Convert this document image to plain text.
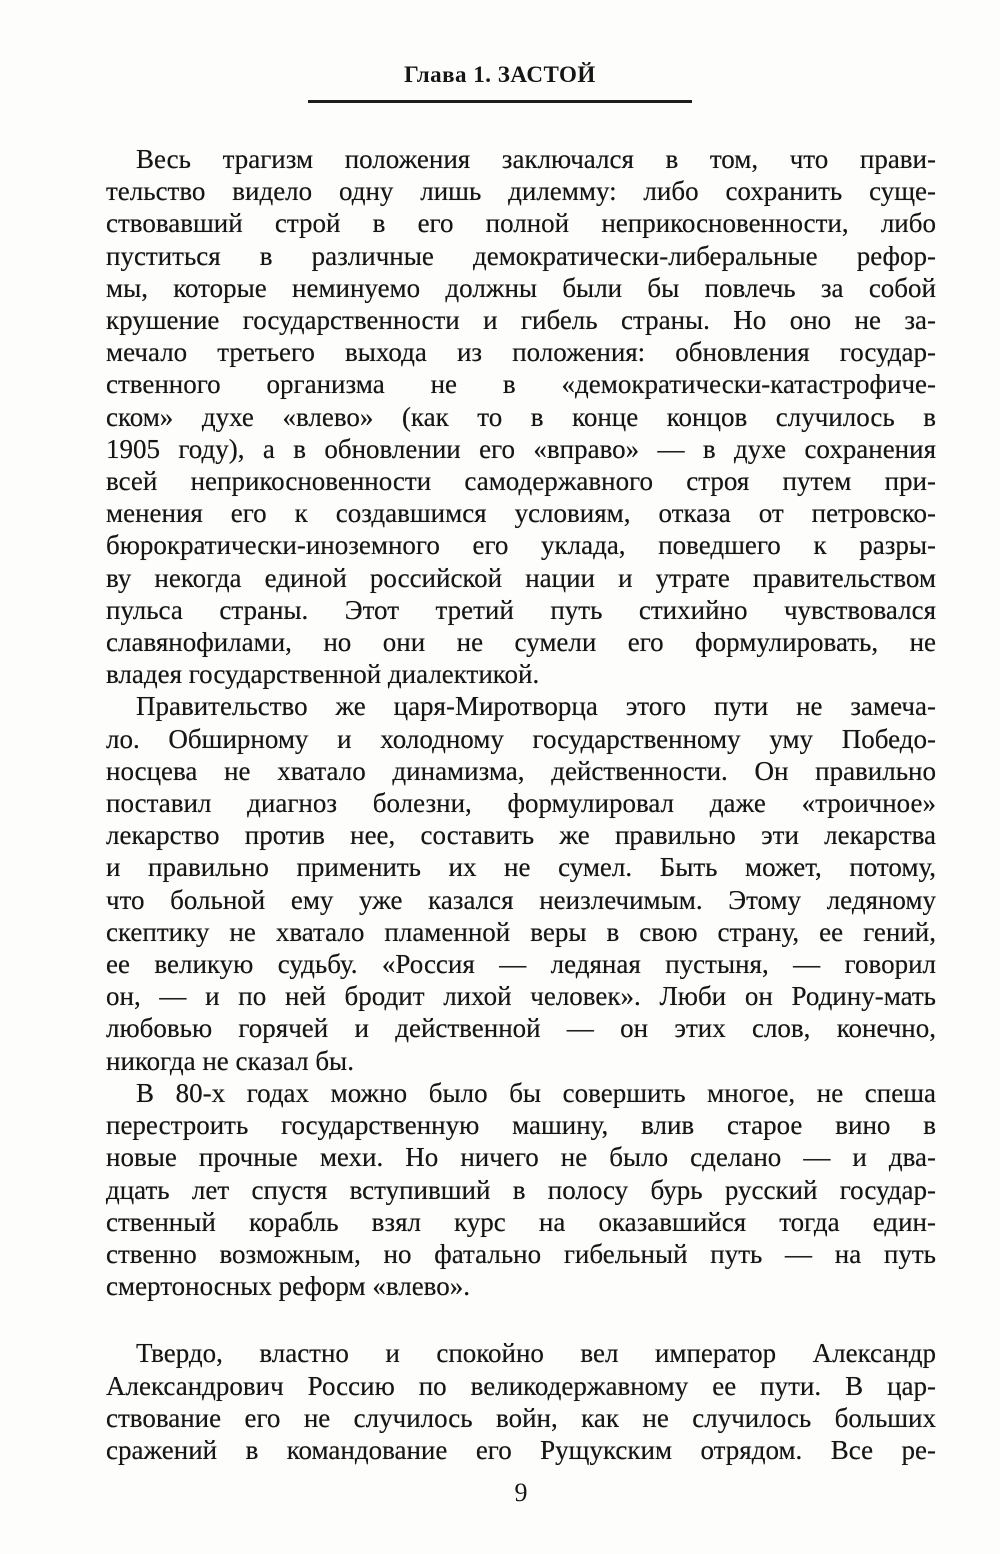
Глава 1. ЗАСТОЙ
Весь трагизм положения заключался в том, что прави-
тельство видело одну лишь дилемму: либо сохранить суще-
ствовавший строй в его полной неприкосновенности, либо
пуститься в различные демократически-либеральные рефор-
мы, которые неминуемо должны были бы повлечь за собой
крушение государственности и гибель страны. Но оно не за-
мечало третьего выхода из положения: обновления государ-
ственного организма не в «демократически-катастрофиче-
ском» духе «влево» (как то в конце концов случилось в
1905 году), а в обновлении его «вправо» — в духе сохранения
всей неприкосновенности самодержавного строя путем при-
менения его к создавшимся условиям, отказа от петровско-
бюрократически-иноземного его уклада, поведшего к разры-
ву некогда единой российской нации и утрате правительством
пульса страны. Этот третий путь стихийно чувствовался
славянофилами, но они не сумели его формулировать, не
владея государственной диалектикой.
Правительство же царя-Миротворца этого пути не замеча-
ло. Обширному и холодному государственному уму Победо-
носцева не хватало динамизма, действенности. Он правильно
поставил диагноз болезни, формулировал даже «троичное»
лекарство против нее, составить же правильно эти лекарства
и правильно применить их не сумел. Быть может, потому,
что больной ему уже казался неизлечимым. Этому ледяному
скептику не хватало пламенной веры в свою страну, ее гений,
ее великую судьбу. «Россия — ледяная пустыня, — говорил
он, — и по ней бродит лихой человек». Люби он Родину-мать
любовью горячей и действенной — он этих слов, конечно,
никогда не сказал бы.
В 80-х годах можно было бы совершить многое, не спеша
перестроить государственную машину, влив старое вино в
новые прочные мехи. Но ничего не было сделано — и два-
дцать лет спустя вступивший в полосу бурь русский государ-
ственный корабль взял курс на оказавшийся тогда един-
ственно возможным, но фатально гибельный путь — на путь
смертоносных реформ «влево».
Твердо, властно и спокойно вел император Александр
Александрович Россию по великодержавному ее пути. В цар-
ствование его не случилось войн, как не случилось больших
сражений в командование его Рущукским отрядом. Все ре-
9
